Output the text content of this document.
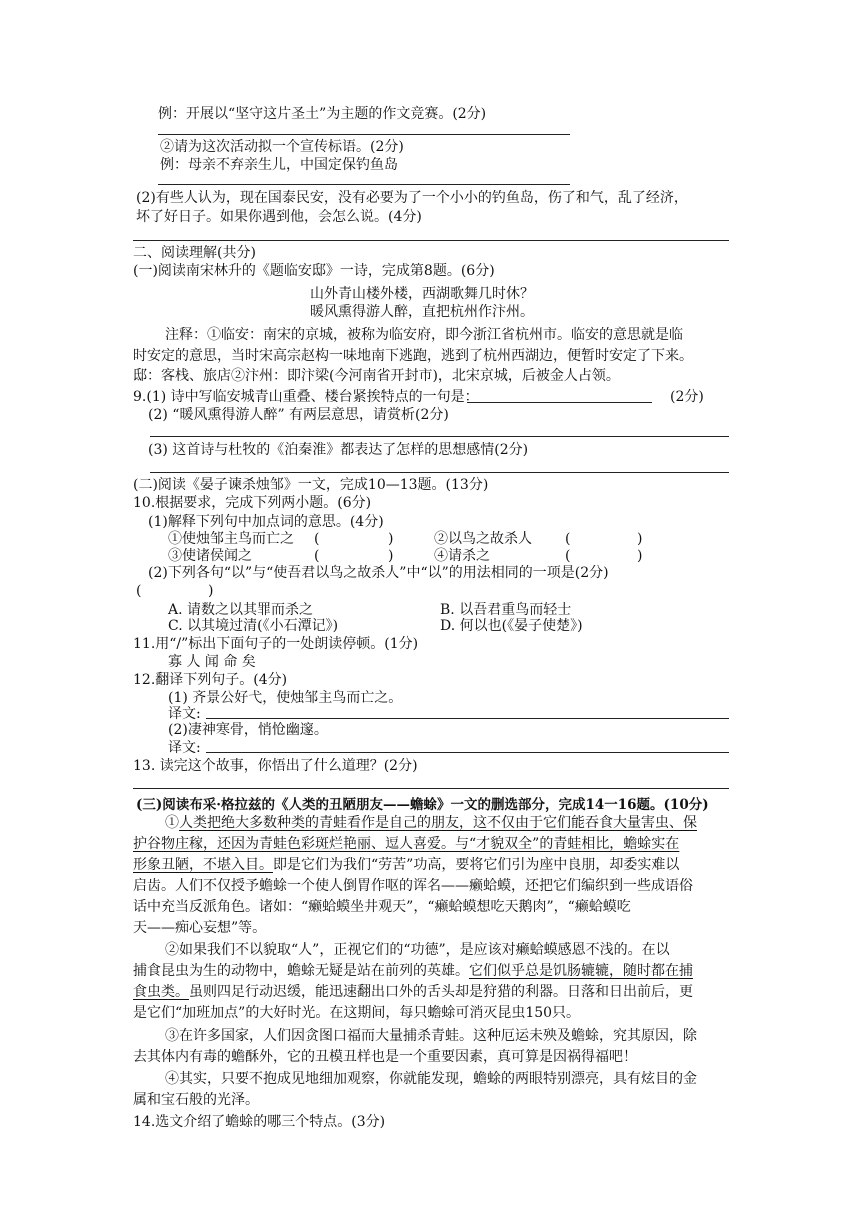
例：开展以“坚守这片圣土”为主题的作文竞赛。(2分)
②请为这次活动拟一个宣传标语。(2分)
例：母亲不弃亲生儿，中国定保钓鱼岛
(2)有些人认为，现在国泰民安，没有必要为了一个小小的钓鱼岛，伤了和气，乱了经济，
坏了好日子。如果你遇到他，会怎么说。(4分)
二、阅读理解(共分)
(一)阅读南宋林升的《题临安邸》一诗，完成第8题。(6分)
山外青山楼外楼，西湖歌舞几时休？
暖风熏得游人醉，直把杭州作汴州。
注释：①临安：南宋的京城，被称为临安府，即今浙江省杭州市。临安的意思就是临
时安定的意思，当时宋高宗赵构一味地南下逃跑，逃到了杭州西湖边，便暂时安定了下来。
邸：客栈、旅店②汴州：即汴梁(今河南省开封市)，北宋京城，后被金人占领。
9.(1) 诗中写临安城青山重叠、楼台紧挨特点的一句是：	(2分)
(2) “暖风熏得游人醉” 有两层意思，请赏析(2分)
(3) 这首诗与杜牧的《泊秦淮》都表达了怎样的思想感情(2分)
(二)阅读《晏子谏杀烛邹》一文，完成10—13题。(13分)
10.根据要求，完成下列两小题。(6分)
(1)解释下列句中加点词的意思。(4分)
①使烛邹主鸟而亡之 (	)	②以鸟之故杀人 (	)
③使诸侯闻之	(	)	④请杀之	(	)
(2)下列各句“以”与“使吾君以鸟之故杀人”中“以”的用法相同的一项是(2分)
(	)
A. 请数之以其罪而杀之	B. 以吾君重鸟而轻士
C. 以其境过清(《小石潭记》)	D. 何以也(《晏子使楚》)
11.用“/”标出下面句子的一处朗读停顿。(1分)
寡 人 闻 命 矣
12.翻译下列句子。(4分)
(1) 齐景公好弋，使烛邹主鸟而亡之。
译文:
(2)凄神寒骨，悄怆幽邃。
译文:
13. 读完这个故事，你悟出了什么道理？(2分)
(三)阅读布采·格拉兹的《人类的丑陋朋友——蟾蜍》一文的删选部分，完成14一16题。(10分)
①人类把绝大多数种类的青蛙看作是自己的朋友，这不仅由于它们能吞食大量害虫、保
护谷物庄稼，还因为青蛙色彩斑烂艳丽、逗人喜爱。与“才貌双全”的青蛙相比，蟾蜍实在
形象丑陋，不堪入目。即是它们为我们“劳苦”功高，要将它们引为座中良朋，却委实难以
启齿。人们不仅授予蟾蜍一个使人倒胃作呕的诨名——癞蛤蟆，还把它们编织到一些成语俗
话中充当反派角色。诸如：“癞蛤蟆坐井观天”，“癞蛤蟆想吃天鹅肉”，“癞蛤蟆吃
天——痴心妄想”等。
②如果我们不以貌取“人”，正视它们的“功德”，是应该对癞蛤蟆感恩不浅的。在以
捕食昆虫为生的动物中，蟾蜍无疑是站在前列的英雄。它们似乎总是饥肠辘辘，随时都在捕
食虫类。虽则四足行动迟缓，能迅速翻出口外的舌头却是狩猎的利器。日落和日出前后，更
是它们“加班加点”的大好时光。在这期间，每只蟾蜍可消灭昆虫150只。
③在许多国家，人们因贪图口福而大量捕杀青蛙。这种厄运未殃及蟾蜍，究其原因，除
去其体内有毒的蟾酥外，它的丑模丑样也是一个重要因素，真可算是因祸得福吧！
④其实，只要不抱成见地细加观察，你就能发现，蟾蜍的两眼特别漂亮，具有炫目的金
属和宝石般的光泽。
14.选文介绍了蟾蜍的哪三个特点。(3分)
